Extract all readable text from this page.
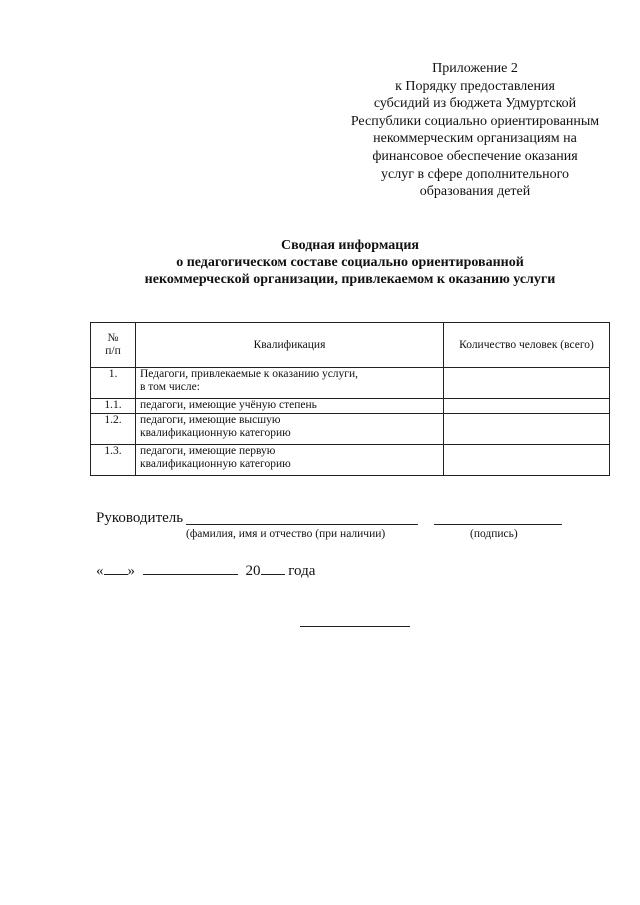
Приложение 2
к Порядку предоставления
субсидий из бюджета Удмуртской
Республики социально ориентированным
некоммерческим организациям на
финансовое обеспечение оказания
услуг в сфере дополнительного
образования детей
Сводная информация
о педагогическом составе социально ориентированной
некоммерческой организации, привлекаемом к оказанию услуги
№
п/п	Квалификация	Количество человек (всего)
1.	Педагоги, привлекаемые к оказанию услуги,
в том числе:	

1.1.	педагоги, имеющие учёную степень	

1.2.	педагоги, имеющие высшую
квалификационную категорию	

1.3.	педагоги, имеющие первую
квалификационную категорию	

Руководитель
(фамилия, имя и отчество (при наличии)	(подпись)
« »	20 года
